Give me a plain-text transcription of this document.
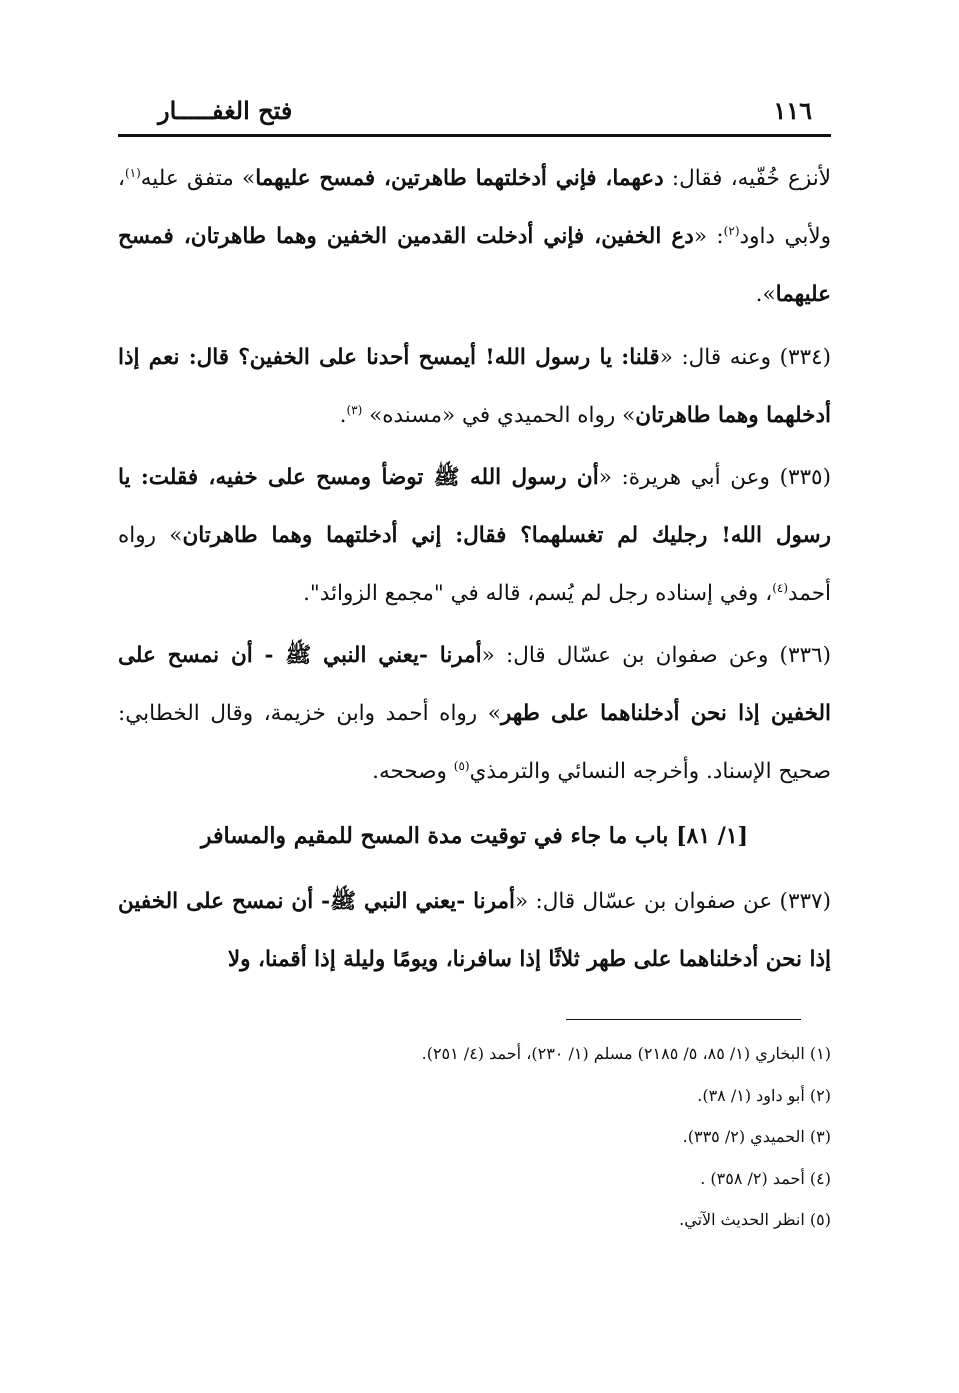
١١٦
فتح الغفـــــار

لأنزع خُفّيه، فقال: دعهما، فإني أدخلتهما طاهرتين، فمسح عليهما» متفق عليه$^{(١)}$، ولأبي داود$^{(٢)}$: «دع الخفين، فإني أدخلت القدمين الخفين وهما طاهرتان، فمسح عليهما».

(٣٣٤) وعنه قال: «قلنا: يا رسول الله! أيمسح أحدنا على الخفين؟ قال: نعم إذا أدخلهما وهما طاهرتان» رواه الحميدي في «مسنده» $^{(٣)}$.

(٣٣٥) وعن أبي هريرة: «أن رسول الله ﷺ توضأ ومسح على خفيه، فقلت: يا رسول الله! رجليك لم تغسلهما؟ فقال: إني أدخلتهما وهما طاهرتان» رواه أحمد$^{(٤)}$، وفي إسناده رجل لم يُسم، قاله في "مجمع الزوائد".

(٣٣٦) وعن صفوان بن عسّال قال: «أمرنا -يعني النبي ﷺ - أن نمسح على الخفين إذا نحن أدخلناهما على طهر» رواه أحمد وابن خزيمة، وقال الخطابي: صحيح الإسناد. وأخرجه النسائي والترمذي$^{(٥)}$ وصححه.

[١/ ٨١] باب ما جاء في توقيت مدة المسح للمقيم والمسافر

(٣٣٧) عن صفوان بن عسّال قال: «أمرنا -يعني النبي ﷺ- أن نمسح على الخفين إذا نحن أدخلناهما على طهر ثلاثًا إذا سافرنا، ويومًا وليلة إذا أقمنا، ولا

(١) البخاري (١/ ٨٥، ٥/ ٢١٨٥) مسلم (١/ ٢٣٠)، أحمد (٤/ ٢٥١).

(٢) أبو داود (١/ ٣٨).

(٣) الحميدي (٢/ ٣٣٥).

(٤) أحمد (٢/ ٣٥٨) .

(٥) انظر الحديث الآتي.
